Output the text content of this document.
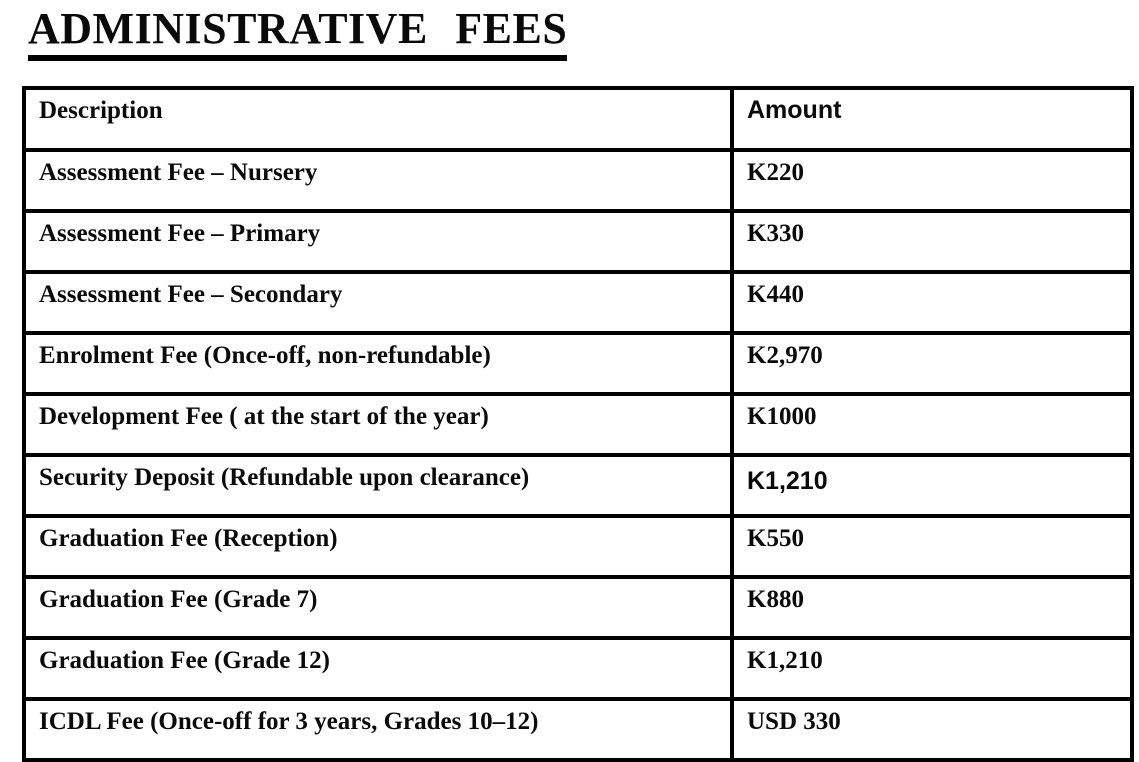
ADMINISTRATIVE FEES
Description	Amount
Assessment Fee – Nursery	K220
Assessment Fee – Primary	K330
Assessment Fee – Secondary	K440
Enrolment Fee (Once-off, non-refundable)	K2,970
Development Fee ( at the start of the year)	K1000
Security Deposit (Refundable upon clearance)	K1,210
Graduation Fee (Reception)	K550
Graduation Fee (Grade 7)	K880
Graduation Fee (Grade 12)	K1,210
ICDL Fee (Once-off for 3 years, Grades 10–12)	USD 330
